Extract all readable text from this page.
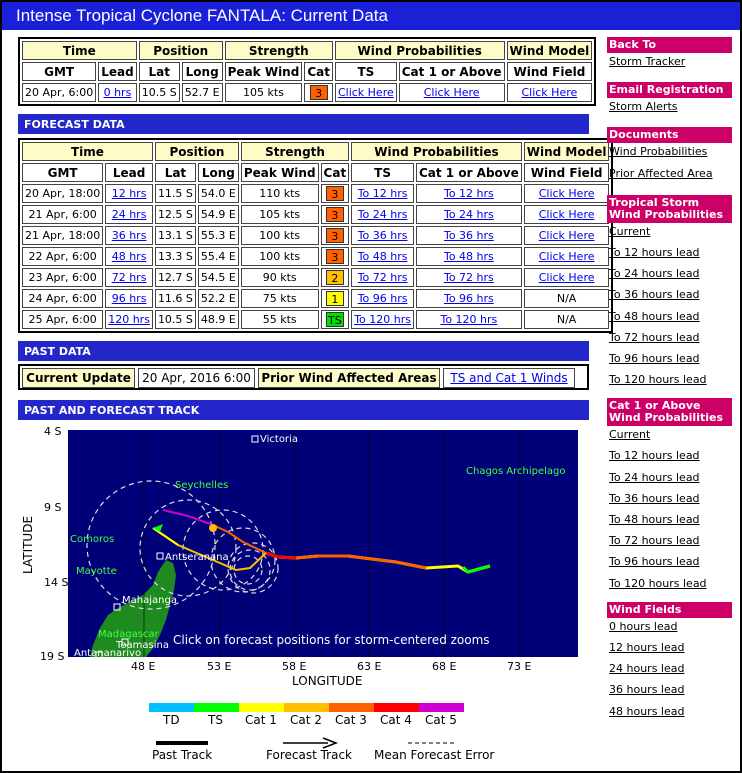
Intense Tropical Cyclone FANTALA: Current Data
Time		Position		Strength		Wind Probabilities		Wind Model
GMT	Lead	Lat	Long	Peak Wind	Cat	TS	Cat 1 or Above	Wind Field
20 Apr, 6:00	0 hrs	10.5 S	52.7 E	105 kts	3	Click Here	Click Here	Click Here
FORECAST DATA
Time		Position		Strength		Wind Probabilities		Wind Model
GMT	Lead	Lat	Long	Peak Wind	Cat	TS	Cat 1 or Above	Wind Field
20 Apr, 18:00	12 hrs	11.5 S	54.0 E	110 kts	3	To 12 hrs	To 12 hrs	Click Here
21 Apr, 6:00	24 hrs	12.5 S	54.9 E	105 kts	3	To 24 hrs	To 24 hrs	Click Here
21 Apr, 18:00	36 hrs	13.1 S	55.3 E	100 kts	3	To 36 hrs	To 36 hrs	Click Here
22 Apr, 6:00	48 hrs	13.3 S	55.4 E	100 kts	3	To 48 hrs	To 48 hrs	Click Here
23 Apr, 6:00	72 hrs	12.7 S	54.5 E	90 kts	2	To 72 hrs	To 72 hrs	Click Here
24 Apr, 6:00	96 hrs	11.6 S	52.2 E	75 kts	1	To 96 hrs	To 96 hrs	N/A
25 Apr, 6:00	120 hrs	10.5 S	48.9 E	55 kts	TS	To 120 hrs	To 120 hrs	N/A
PAST DATA
Current Update 20 Apr, 2016 6:00 Prior Wind Affected Areas	TS and Cat 1 Winds
PAST AND FORECAST TRACK
Victoria
Seychelles
Chagos Archipelago
Comoros
Antseranana
Mayotte
Mahajanga
Madagascar
Toamasina
Antananarivo
Click on forecast positions for storm-centered zooms
4 S
9 S
14 S
19 S
48 E	53 E	58 E	63 E	68 E	73 E
LONGITUDE
LATITUDE
TD TS Cat 1 Cat 2 Cat 3 Cat 4 Cat 5
Past Track	Forecast Track Mean Forecast Error
Back To
Storm Tracker
Email Registration
Storm Alerts
Documents
Wind Probabilities
Prior Affected Area
Tropical Storm Wind Probabilities
Current
To 12 hours lead
To 24 hours lead
To 36 hours lead
To 48 hours lead
To 72 hours lead
To 96 hours lead
To 120 hours lead
Cat 1 or Above Wind Probabilities
Current
To 12 hours lead
To 24 hours lead
To 36 hours lead
To 48 hours lead
To 72 hours lead
To 96 hours lead
To 120 hours lead
Wind Fields
0 hours lead
12 hours lead
24 hours lead
36 hours lead
48 hours lead
